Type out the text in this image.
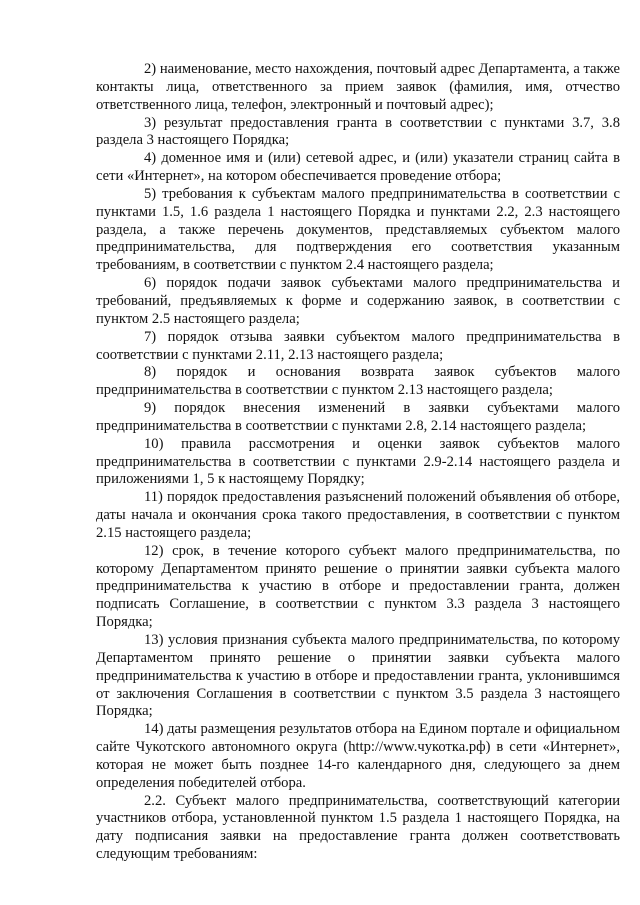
2) наименование, место нахождения, почтовый адрес Департамента, а также контакты лица, ответственного за прием заявок (фамилия, имя, отчество ответственного лица, телефон, электронный и почтовый адрес);

3) результат предоставления гранта в соответствии с пунктами 3.7, 3.8 раздела 3 настоящего Порядка;

4) доменное имя и (или) сетевой адрес, и (или) указатели страниц сайта в сети «Интернет», на котором обеспечивается проведение отбора;

5) требования к субъектам малого предпринимательства в соответствии с пунктами 1.5, 1.6 раздела 1 настоящего Порядка и пунктами 2.2, 2.3 настоящего раздела, а также перечень документов, представляемых субъектом малого предпринимательства, для подтверждения его соответствия указанным требованиям, в соответствии с пунктом 2.4 настоящего раздела;

6) порядок подачи заявок субъектами малого предпринимательства и требований, предъявляемых к форме и содержанию заявок, в соответствии с пунктом 2.5 настоящего раздела;

7) порядок отзыва заявки субъектом малого предпринимательства в соответствии с пунктами 2.11, 2.13 настоящего раздела;

8) порядок и основания возврата заявок субъектов малого предпринимательства в соответствии с пунктом 2.13 настоящего раздела;

9) порядок внесения изменений в заявки субъектами малого предпринимательства в соответствии с пунктами 2.8, 2.14 настоящего раздела;

10) правила рассмотрения и оценки заявок субъектов малого предпринимательства в соответствии с пунктами 2.9-2.14 настоящего раздела и приложениями 1, 5 к настоящему Порядку;

11) порядок предоставления разъяснений положений объявления об отборе, даты начала и окончания срока такого предоставления, в соответствии с пунктом 2.15 настоящего раздела;

12) срок, в течение которого субъект малого предпринимательства, по которому Департаментом принято решение о принятии заявки субъекта малого предпринимательства к участию в отборе и предоставлении гранта, должен подписать Соглашение, в соответствии с пунктом 3.3 раздела 3 настоящего Порядка;

13) условия признания субъекта малого предпринимательства, по которому Департаментом принято решение о принятии заявки субъекта малого предпринимательства к участию в отборе и предоставлении гранта, уклонившимся от заключения Соглашения в соответствии с пунктом 3.5 раздела 3 настоящего Порядка;

14) даты размещения результатов отбора на Едином портале и официальном сайте Чукотского автономного округа (http://www.чукотка.рф) в сети «Интернет», которая не может быть позднее 14-го календарного дня, следующего за днем определения победителей отбора.

2.2. Субъект малого предпринимательства, соответствующий категории участников отбора, установленной пунктом 1.5 раздела 1 настоящего Порядка, на дату подписания заявки на предоставление гранта должен соответствовать следующим требованиям:
